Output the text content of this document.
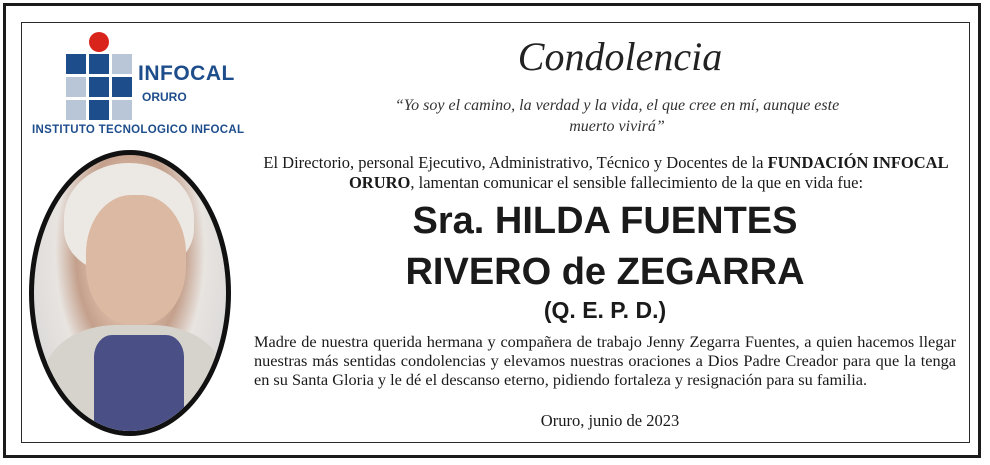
INFOCAL
ORURO
INSTITUTO TECNOLOGICO INFOCAL
Condolencia
“Yo soy el camino, la verdad y la vida, el que cree en mí, aunque este muerto vivirá”
El Directorio, personal Ejecutivo, Administrativo, Técnico y Docentes de la FUNDACIÓN INFOCAL ORURO, lamentan comunicar el sensible fallecimiento de la que en vida fue:
Sra. HILDA FUENTES
RIVERO de ZEGARRA
(Q. E. P. D.)
Madre de nuestra querida hermana y compañera de trabajo Jenny Zegarra Fuentes, a quien hacemos llegar nuestras más sentidas condolencias y elevamos nuestras oraciones a Dios Padre Creador para que la tenga en su Santa Gloria y le dé el descanso eterno, pidiendo fortaleza y resignación para su familia.
Oruro, junio de 2023
